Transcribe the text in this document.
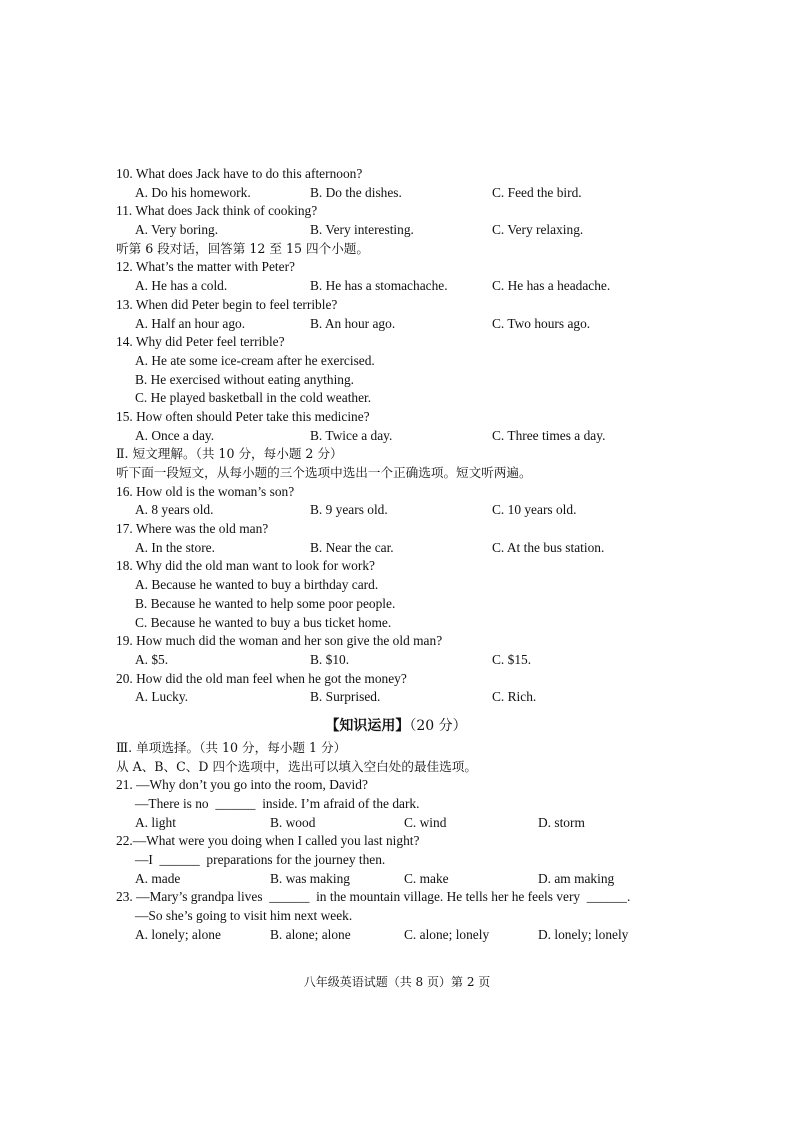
10. What does Jack have to do this afternoon?

A. Do his homework.

	B. Do the dishes.

	C. Feed the bird.

11. What does Jack think of cooking?

A. Very boring.

	B. Very interesting.

	C. Very relaxing.

听第 6 段对话，回答第 12 至 15 四个小题。
12. What’s the matter with Peter?

A. He has a cold.

	B. He has a stomachache.

	C. He has a headache.

13. When did Peter begin to feel terrible?

A. Half an hour ago.

	B. An hour ago.

	C. Two hours ago.

14. Why did Peter feel terrible?
A. He ate some ice-cream after he exercised.
B. He exercised without eating anything.
C. He played basketball in the cold weather.
15. How often should Peter take this medicine?

A. Once a day.

	B. Twice a day.

	C. Three times a day.

Ⅱ. 短文理解。（共 10 分，每小题 2 分）
听下面一段短文，从每小题的三个选项中选出一个正确选项。短文听两遍。
16. How old is the woman’s son?

A. 8 years old.

	B. 9 years old.

	C. 10 years old.

17. Where was the old man?

A. In the store.

	B. Near the car.

	C. At the bus station.

18. Why did the old man want to look for work?
A. Because he wanted to buy a birthday card.
B. Because he wanted to help some poor people.
C. Because he wanted to buy a bus ticket home.
19. How much did the woman and her son give the old man?

A. $5.

	B. $10.

	C. $15.

20. How did the old man feel when he got the money?

A. Lucky.

	B. Surprised.

	C. Rich.

【知识运用】（20 分）
Ⅲ. 单项选择。（共 10 分，每小题 1 分）
从 A、B、C、D 四个选项中，选出可以填入空白处的最佳选项。
21. —Why don’t you go into the room, David?
—There is no  ______  inside. I’m afraid of the dark.

A. light

	B. wood

	C. wind

	D. storm

22.—What were you doing when I called you last night?
—I  ______  preparations for the journey then.

A. made

	B. was making

	C. make

	D. am making

23. —Mary’s grandpa lives  ______  in the mountain village. He tells her he feels very  ______.
—So she’s going to visit him next week.

A. lonely; alone

	B. alone; alone

	C. alone; lonely

	D. lonely; lonely

八年级英语试题（共 8 页）第 2 页
